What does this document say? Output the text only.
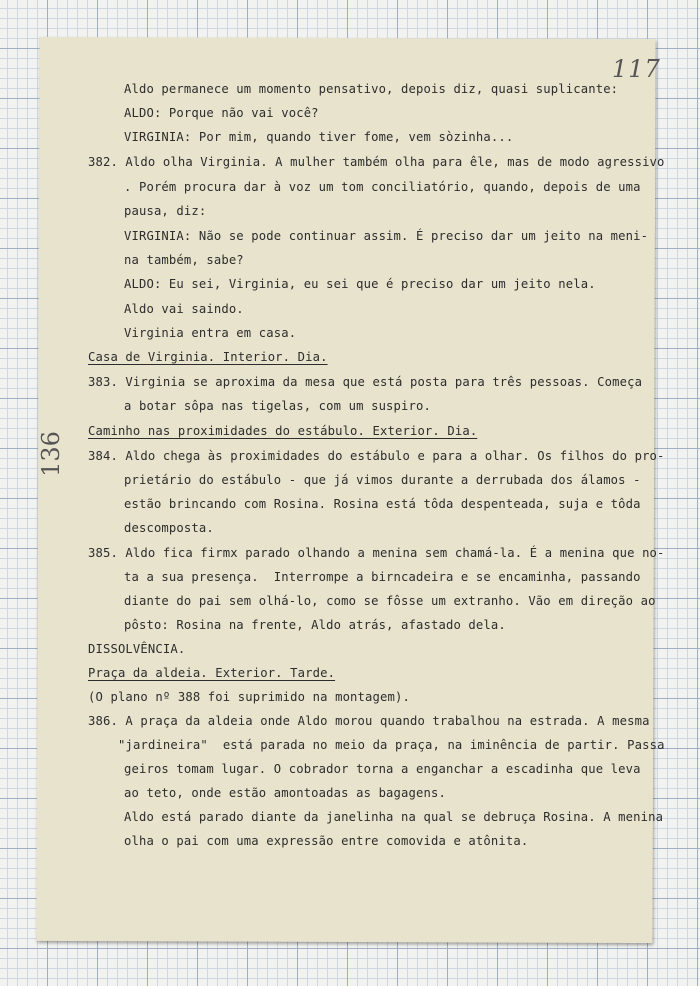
117
136
Aldo permanece um momento pensativo, depois diz, quasi suplicante:
ALDO: Porque não vai você?
VIRGINIA: Por mim, quando tiver fome, vem sòzinha...
382. Aldo olha Virginia. A mulher também olha para êle, mas de modo agressivo
. Porém procura dar à voz um tom conciliatório, quando, depois de uma
pausa, diz:
VIRGINIA: Não se pode continuar assim. É preciso dar um jeito na meni-
na também, sabe?
ALDO: Eu sei, Virginia, eu sei que é preciso dar um jeito nela.
Aldo vai saindo.
Virginia entra em casa.
Casa de Virginia. Interior. Dia.
383. Virginia se aproxima da mesa que está posta para três pessoas. Começa
a botar sôpa nas tigelas, com um suspiro.
Caminho nas proximidades do estábulo. Exterior. Dia.
384. Aldo chega às proximidades do estábulo e para a olhar. Os filhos do pro-
prietário do estábulo - que já vimos durante a derrubada dos álamos -
estão brincando com Rosina. Rosina está tôda despenteada, suja e tôda
descomposta.
385. Aldo fica firmx parado olhando a menina sem chamá-la. É a menina que no-
ta a sua presença.  Interrompe a birncadeira e se encaminha, passando
diante do pai sem olhá-lo, como se fôsse um extranho. Vão em direção ao
pôsto: Rosina na frente, Aldo atrás, afastado dela.
DISSOLVÊNCIA.
Praça da aldeia. Exterior. Tarde.
(O plano nº 388 foi suprimido na montagem).
386. A praça da aldeia onde Aldo morou quando trabalhou na estrada. A mesma
"jardineira"  está parada no meio da praça, na iminência de partir. Passa
geiros tomam lugar. O cobrador torna a enganchar a escadinha que leva
ao teto, onde estão amontoadas as bagagens.
Aldo está parado diante da janelinha na qual se debruça Rosina. A menina
olha o pai com uma expressão entre comovida e atônita.
